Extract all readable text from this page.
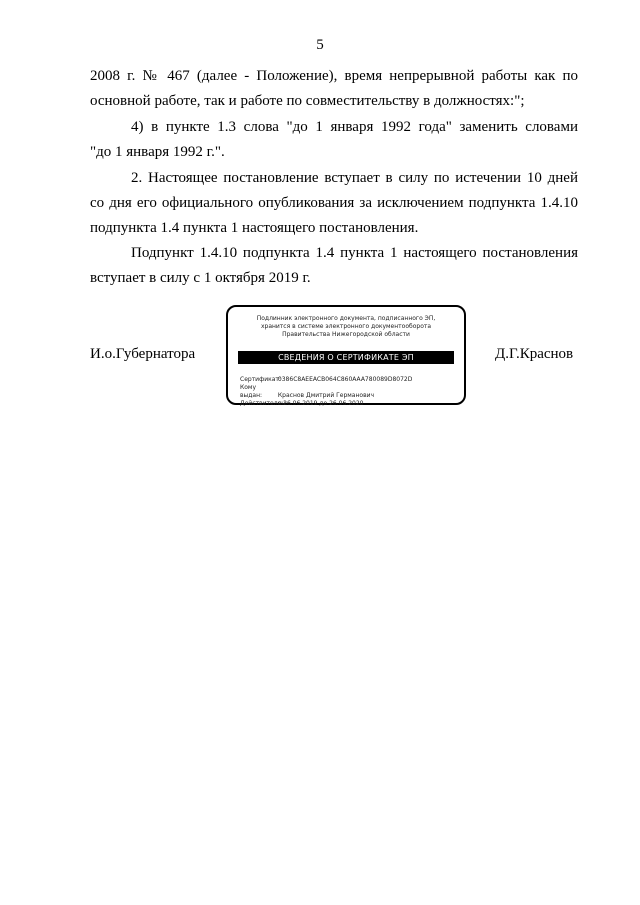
5
2008 г. № 467 (далее - Положение), время непрерывной работы как по
основной работе, так и работе по совместительству в должностях:";
4) в пункте 1.3 слова "до 1 января 1992 года" заменить словами
"до 1 января 1992 г.".
2. Настоящее постановление вступает в силу по истечении 10 дней
со дня его официального опубликования за исключением подпункта 1.4.10
подпункта 1.4 пункта 1 настоящего постановления.
Подпункт 1.4.10 подпункта 1.4 пункта 1 настоящего постановления
вступает в силу с 1 октября 2019 г.
И.о.Губернатора	Д.Г.Краснов
Подлинник электронного документа, подписанного ЭП,
хранится в системе электронного документооборота
Правительства Нижегородской области
СВЕДЕНИЯ О СЕРТИФИКАТЕ ЭП
Сертификат: 0386C8AEEACB064C860AAA780089D8072D
Кому выдан:	Краснов Дмитрий Германович
Действителен: с 26.06.2019 до 26.06.2020
